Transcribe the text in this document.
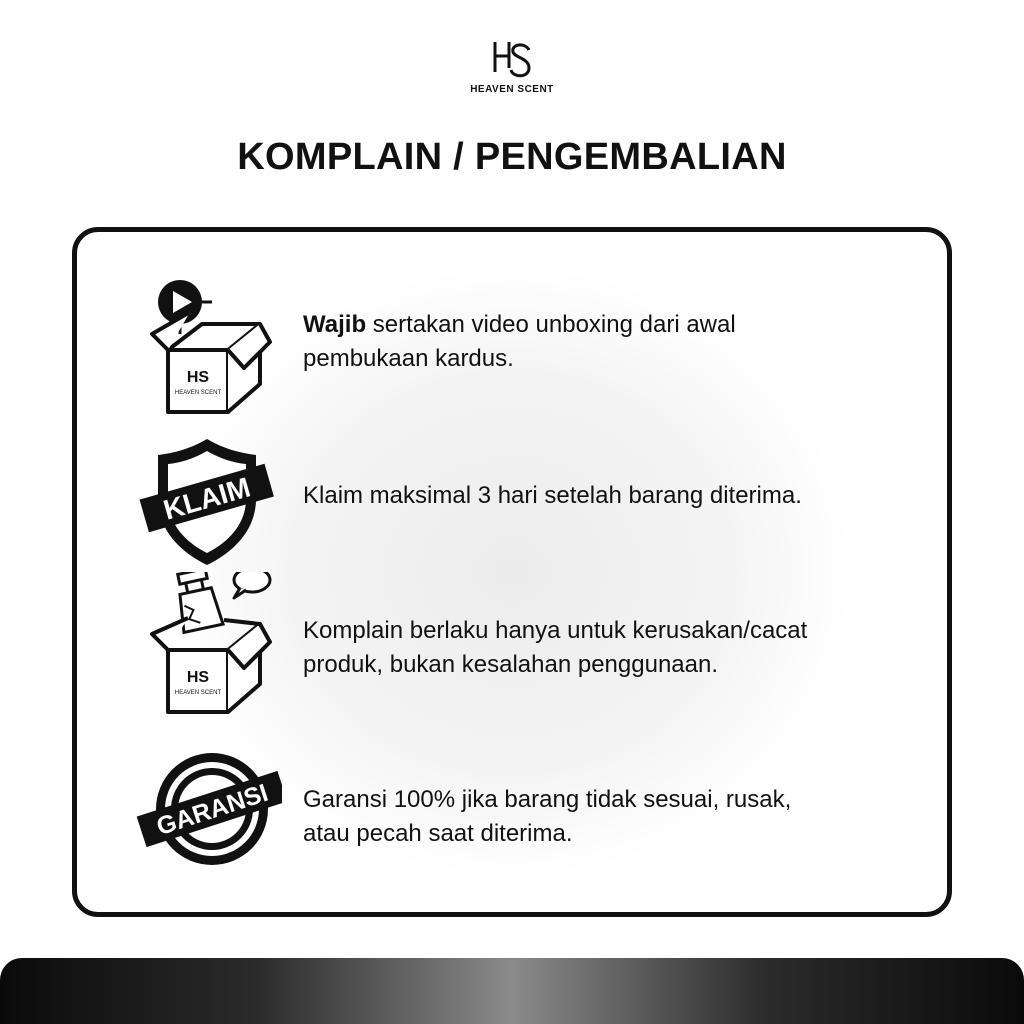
HEAVEN SCENT
KOMPLAIN / PENGEMBALIAN
HS
HEAVEN SCENT
Wajib sertakan video unboxing dari awal
pembukaan kardus.
KLAIM Klaim maksimal 3 hari setelah barang diterima.
HS
HEAVEN SCENT
Komplain berlaku hanya untuk kerusakan/cacat
produk, bukan kesalahan penggunaan.
GARANSI Garansi 100% jika barang tidak sesuai, rusak,
atau pecah saat diterima.
